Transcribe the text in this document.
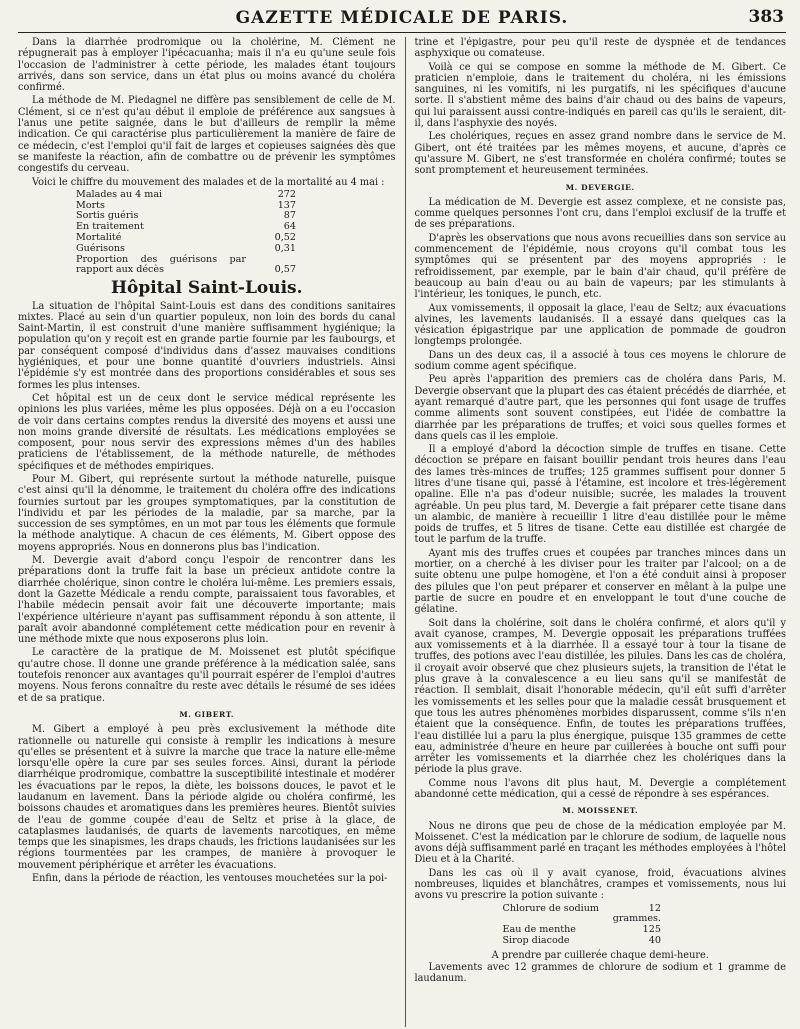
GAZETTE MÉDICALE DE PARIS.	383

Dans la diarrhée prodromique ou la cholérine, M. Clément ne répugnerait pas à employer l'ipécacuanha; mais il n'a eu qu'une seule fois l'occasion de l'administrer à cette période, les malades étant toujours arrivés, dans son service, dans un état plus ou moins avancé du choléra confirmé.

La méthode de M. Piedagnel ne diffère pas sensiblement de celle de M. Clément, si ce n'est qu'au début il emploie de préférence aux sangsues à l'anus une petite saignée, dans le but d'ailleurs de remplir la même indication. Ce qui caractérise plus particulièrement la manière de faire de ce médecin, c'est l'emploi qu'il fait de larges et copieuses saignées dès que se manifeste la réaction, afin de combattre ou de prévenir les symptômes congestifs du cerveau.

Voici le chiffre du mouvement des malades et de la mortalité au 4 mai :

Malades au 4 mai	272
Morts	137
Sortis guéris	87
En traitement	64
Mortalité	0,52
Guérisons	0,31
Proportion des guérisons par rapport aux décès	0,57
Hôpital Saint-Louis.

La situation de l'hôpital Saint-Louis est dans des conditions sanitaires mixtes. Placé au sein d'un quartier populeux, non loin des bords du canal Saint-Martin, il est construit d'une manière suffisamment hygiénique; la population qu'on y reçoit est en grande partie fournie par les faubourgs, et par conséquent composé d'individus dans d'assez mauvaises conditions hygiéniques, et pour une bonne quantité d'ouvriers industriels. Ainsi l'épidémie s'y est montrée dans des proportions considérables et sous ses formes les plus intenses.

Cet hôpital est un de ceux dont le service médical représente les opinions les plus variées, même les plus opposées. Déjà on a eu l'occasion de voir dans certains comptes rendus la diversité des moyens et aussi une non moins grande diversité de résultats. Les médications employées se composent, pour nous servir des expressions mêmes d'un des habiles praticiens de l'établissement, de la méthode naturelle, de méthodes spécifiques et de méthodes empiriques.

Pour M. Gibert, qui représente surtout la méthode naturelle, puisque c'est ainsi qu'il la dénomme, le traitement du choléra offre des indications fournies surtout par les groupes symptomatiques, par la constitution de l'individu et par les périodes de la maladie, par sa marche, par la succession de ses symptômes, en un mot par tous les éléments que formule la méthode analytique. A chacun de ces éléments, M. Gibert oppose des moyens appropriés. Nous en donnerons plus bas l'indication.

M. Devergie avait d'abord conçu l'espoir de rencontrer dans les préparations dont la truffe fait la base un précieux antidote contre la diarrhée cholérique, sinon contre le choléra lui-même. Les premiers essais, dont la Gazette Médicale a rendu compte, paraissaient tous favorables, et l'habile médecin pensait avoir fait une découverte importante; mais l'expérience ultérieure n'ayant pas suffisamment répondu à son attente, il paraît avoir abandonné complétement cette médication pour en revenir à une méthode mixte que nous exposerons plus loin.

Le caractère de la pratique de M. Moissenet est plutôt spécifique qu'autre chose. Il donne une grande préférence à la médication salée, sans toutefois renoncer aux avantages qu'il pourrait espérer de l'emploi d'autres moyens. Nous ferons connaître du reste avec détails le résumé de ses idées et de sa pratique.

M. GIBERT.

M. Gibert a employé à peu près exclusivement la méthode dite rationnelle ou naturelle qui consiste à remplir les indications à mesure qu'elles se présentent et à suivre la marche que trace la nature elle-même lorsqu'elle opère la cure par ses seules forces. Ainsi, durant la période diarrhéique prodromique, combattre la susceptibilité intestinale et modérer les évacuations par le repos, la diète, les boissons douces, le pavot et le laudanum en lavement. Dans la période algide ou choléra confirmé, les boissons chaudes et aromatiques dans les premières heures. Bientôt suivies de l'eau de gomme coupée d'eau de Seltz et prise à la glace, de cataplasmes laudanisés, de quarts de lavements narcotiques, en même temps que les sinapismes, les draps chauds, les frictions laudanisées sur les régions tourmentées par les crampes, de manière à provoquer le mouvement périphérique et arrêter les évacuations.

Enfin, dans la période de réaction, les ventouses mouchetées sur la poi-

trine et l'épigastre, pour peu qu'il reste de dyspnée et de tendances asphyxique ou comateuse.

Voilà ce qui se compose en somme la méthode de M. Gibert. Ce praticien n'emploie, dans le traitement du choléra, ni les émissions sanguines, ni les vomitifs, ni les purgatifs, ni les spécifiques d'aucune sorte. Il s'abstient même des bains d'air chaud ou des bains de vapeurs, qui lui paraissent aussi contre-indiqués en pareil cas qu'ils le seraient, dit-il, dans l'asphyxie des noyés.

Les cholériques, reçues en assez grand nombre dans le service de M. Gibert, ont été traitées par les mêmes moyens, et aucune, d'après ce qu'assure M. Gibert, ne s'est transformée en choléra confirmé; toutes se sont promptement et heureusement terminées.

M. DEVERGIE.

La médication de M. Devergie est assez complexe, et ne consiste pas, comme quelques personnes l'ont cru, dans l'emploi exclusif de la truffe et de ses préparations.

D'après les observations que nous avons recueillies dans son service au commencement de l'épidémie, nous croyons qu'il combat tous les symptômes qui se présentent par des moyens appropriés : le refroidissement, par exemple, par le bain d'air chaud, qu'il préfère de beaucoup au bain d'eau ou au bain de vapeurs; par les stimulants à l'intérieur, les toniques, le punch, etc.

Aux vomissements, il opposait la glace, l'eau de Seltz; aux évacuations alvines, les lavements laudanisés. Il a essayé dans quelques cas la vésication épigastrique par une application de pommade de goudron longtemps prolongée.

Dans un des deux cas, il a associé à tous ces moyens le chlorure de sodium comme agent spécifique.

Peu après l'apparition des premiers cas de choléra dans Paris, M. Devergie observant que la plupart des cas étaient précédés de diarrhée, et ayant remarqué d'autre part, que les personnes qui font usage de truffes comme aliments sont souvent constipées, eut l'idée de combattre la diarrhée par les préparations de truffes; et voici sous quelles formes et dans quels cas il les emploie.

Il a employé d'abord la décoction simple de truffes en tisane. Cette décoction se prépare en faisant bouillir pendant trois heures dans l'eau des lames très-minces de truffes; 125 grammes suffisent pour donner 5 litres d'une tisane qui, passé à l'étamine, est incolore et très-légèrement opaline. Elle n'a pas d'odeur nuisible; sucrée, les malades la trouvent agréable. Un peu plus tard, M. Devergie a fait préparer cette tisane dans un alambic, de manière à recueillir 1 litre d'eau distillée pour le même poids de truffes, et 5 litres de tisane. Cette eau distillée est chargée de tout le parfum de la truffe.

Ayant mis des truffes crues et coupées par tranches minces dans un mortier, on a cherché à les diviser pour les traiter par l'alcool; on a de suite obtenu une pulpe homogène, et l'on a été conduit ainsi à proposer des pilules que l'on peut préparer et conserver en mêlant à la pulpe une partie de sucre en poudre et en enveloppant le tout d'une couche de gélatine.

Soit dans la cholérine, soit dans le choléra confirmé, et alors qu'il y avait cyanose, crampes, M. Devergie opposait les préparations truffées aux vomissements et à la diarrhée. Il a essayé tour à tour la tisane de truffes, des potions avec l'eau distillée, les pilules. Dans les cas de choléra, il croyait avoir observé que chez plusieurs sujets, la transition de l'état le plus grave à la convalescence a eu lieu sans qu'il se manifestât de réaction. Il semblait, disait l'honorable médecin, qu'il eût suffi d'arrêter les vomissements et les selles pour que la maladie cessât brusquement et que tous les autres phénomènes morbides disparussent, comme s'ils n'en étaient que la conséquence. Enfin, de toutes les préparations truffées, l'eau distillée lui a paru la plus énergique, puisque 135 grammes de cette eau, administrée d'heure en heure par cuillerées à bouche ont suffi pour arrêter les vomissements et la diarrhée chez les cholériques dans la période la plus grave.

Comme nous l'avons dit plus haut, M. Devergie a complétement abandonné cette médication, qui a cessé de répondre à ses espérances.

M. MOISSENET.

Nous ne dirons que peu de chose de la médication employée par M. Moissenet. C'est la médication par le chlorure de sodium, de laquelle nous avons déjà suffisamment parlé en traçant les méthodes employées à l'hôtel Dieu et à la Charité.

Dans les cas où il y avait cyanose, froid, évacuations alvines nombreuses, liquides et blanchâtres, crampes et vomissements, nous lui avons vu prescrire la potion suivante :

Chlorure de sodium	12 grammes.
Eau de menthe	125
Sirop diacode	40
A prendre par cuillerée chaque demi-heure.

Lavements avec 12 grammes de chlorure de sodium et 1 gramme de laudanum.
